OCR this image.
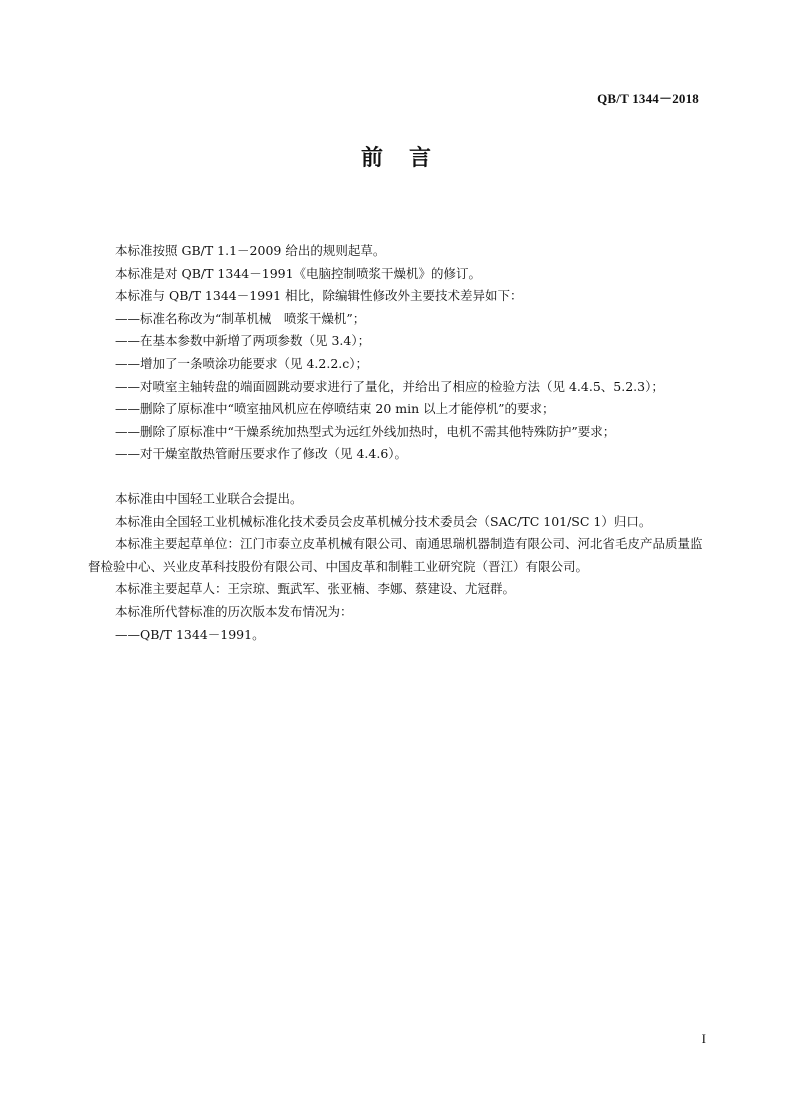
QB/T 1344－2018
前言

本标准按照 GB/T 1.1－2009 给出的规则起草。

本标准是对 QB/T 1344－1991《电脑控制喷浆干燥机》的修订。

本标准与 QB/T 1344－1991 相比，除编辑性修改外主要技术差异如下：

——标准名称改为“制革机械　喷浆干燥机”；

——在基本参数中新增了两项参数（见 3.4）；

——增加了一条喷涂功能要求（见 4.2.2.c）；

——对喷室主轴转盘的端面圆跳动要求进行了量化，并给出了相应的检验方法（见 4.4.5、5.2.3）；

——删除了原标准中“喷室抽风机应在停喷结束 20 min 以上才能停机”的要求；

——删除了原标准中“干燥系统加热型式为远红外线加热时，电机不需其他特殊防护”要求；

——对干燥室散热管耐压要求作了修改（见 4.4.6）。

本标准由中国轻工业联合会提出。

本标准由全国轻工业机械标准化技术委员会皮革机械分技术委员会（SAC/TC 101/SC 1）归口。

本标准主要起草单位：江门市泰立皮革机械有限公司、南通思瑞机器制造有限公司、河北省毛皮产品质量监督检验中心、兴业皮革科技股份有限公司、中国皮革和制鞋工业研究院（晋江）有限公司。

本标准主要起草人：王宗琼、甄武军、张亚楠、李娜、蔡建设、尤冠群。

本标准所代替标准的历次版本发布情况为：

——QB/T 1344－1991。

I
